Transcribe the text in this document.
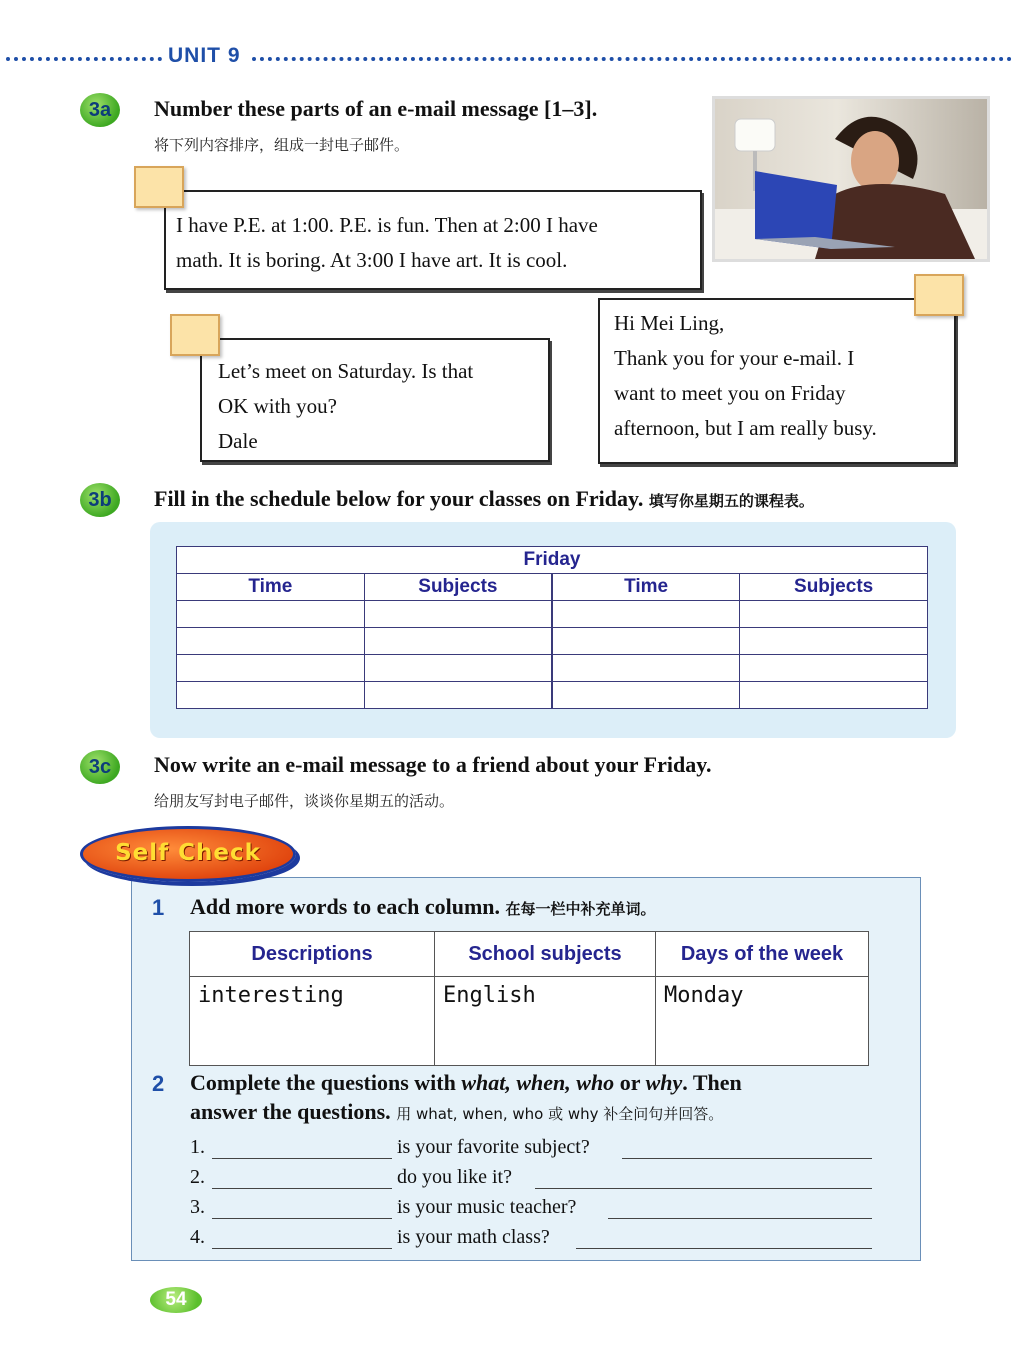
UNIT 9
3a	Number these parts of an e-mail message [1–3].
将下列内容排序，组成一封电子邮件。
I have P.E. at 1:00. P.E. is fun. Then at 2:00 I have
math. It is boring. At 3:00 I have art. It is cool.
Let’s meet on Saturday. Is that
OK with you?
Dale
Hi Mei Ling,
Thank you for your e-mail. I
want to meet you on Friday
afternoon, but I am really busy.
3b	Fill in the schedule below for your classes on Friday. 填写你星期五的课程表。
Friday			
Time	Subjects	Time	Subjects

3c	Now write an e-mail message to a friend about your Friday.
给朋友写封电子邮件，谈谈你星期五的活动。
Self Check
1 Add more words to each column. 在每一栏中补充单词。
Descriptions	School subjects	Days of the week
interesting	English	Monday
2 Complete the questions with what, when, who or why. Then
answer the questions. 用 what, when, who 或 why 补全问句并回答。
1.	is your favorite subject?
2.	do you like it?
3.	is your music teacher?
4.	is your math class?
54
